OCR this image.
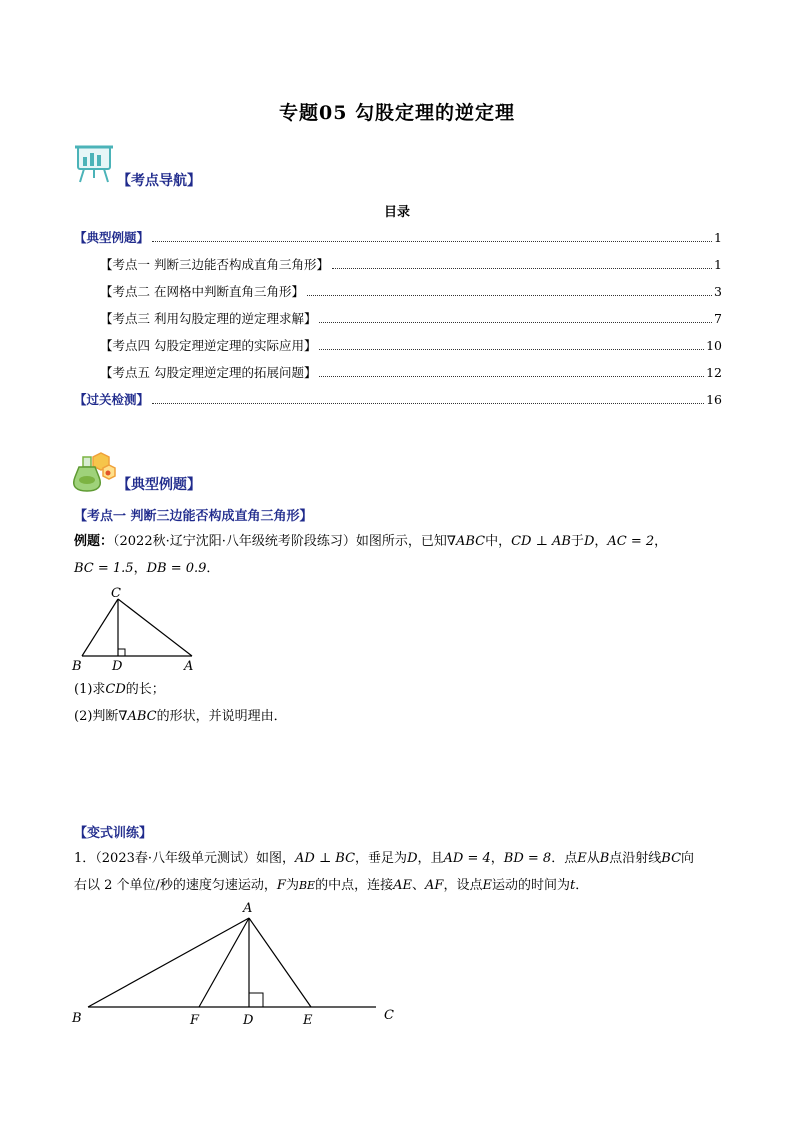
专题05 勾股定理的逆定理
【考点导航】
目录
【典型例题】	1
【考点一 判断三边能否构成直角三角形】	1
【考点二 在网格中判断直角三角形】	3
【考点三 利用勾股定理的逆定理求解】	7
【考点四 勾股定理逆定理的实际应用】	10
【考点五 勾股定理逆定理的拓展问题】	12
【过关检测】	16
【典型例题】
【考点一 判断三边能否构成直角三角形】
例题：（2022秋·辽宁沈阳·八年级统考阶段练习）如图所示，已知∇ABC中，CD ⊥ AB于D，AC = 2，
BC = 1.5，DB = 0.9．
C
B D	A
(1)求CD的长；
(2)判断∇ABC的形状，并说明理由．
【变式训练】
1．（2023春·八年级单元测试）如图，AD ⊥ BC，垂足为D，且AD = 4，BD = 8．点E从B点沿射线BC向
右以 2 个单位/秒的速度匀速运动，F为BE的中点，连接AE、AF，设点E运动的时间为t．
A
B	F	D	E	C
